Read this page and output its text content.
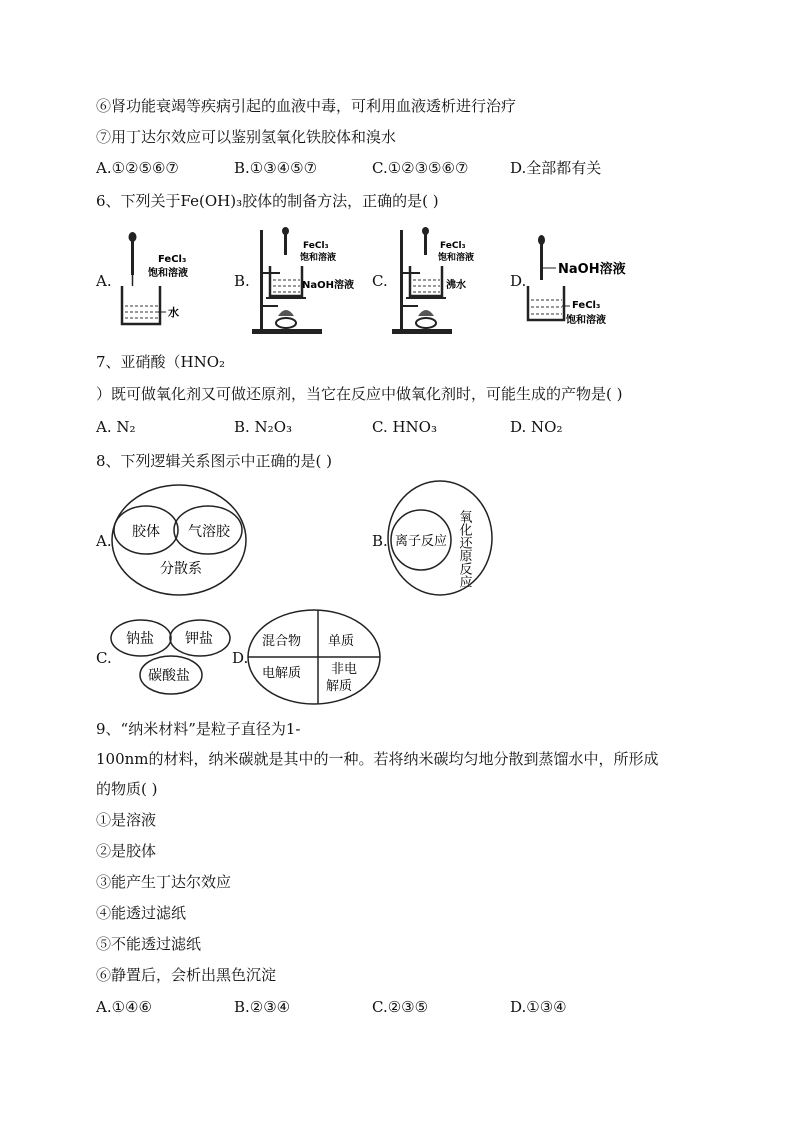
⑥肾功能衰竭等疾病引起的血液中毒，可利用血液透析进行治疗
⑦用丁达尔效应可以鉴别氢氧化铁胶体和溴水
A.①②⑤⑥⑦	B.①③④⑤⑦	C.①②③⑤⑥⑦	D.全部都有关
6、下列关于Fe(OH)₃胶体的制备方法，正确的是( )
A.
FeCl₃
饱和溶液
水
B.
FeCl₃
饱和溶液
NaOH溶液 C.
FeCl₃
饱和溶液
沸水	D.
NaOH溶液
FeCl₃
饱和溶液
7、亚硝酸（HNO₂
）既可做氧化剂又可做还原剂，当它在反应中做氧化剂时，可能生成的产物是( )
A. N₂	B. N₂O₃	C. HNO₃	D. NO₂
8、下列逻辑关系图示中正确的是( )
A. 胶体 气溶胶
分散系
B. 离子反应 氧化还原反应
C.
钠盐 钾盐
碳酸盐
D.
混合物 单质
电解质 非电
解质
9、“纳米材料”是粒子直径为1-
100nm的材料，纳米碳就是其中的一种。若将纳米碳均匀地分散到蒸馏水中，所形成
的物质( )
①是溶液
②是胶体
③能产生丁达尔效应
④能透过滤纸
⑤不能透过滤纸
⑥静置后，会析出黑色沉淀
A.①④⑥	B.②③④	C.②③⑤	D.①③④
